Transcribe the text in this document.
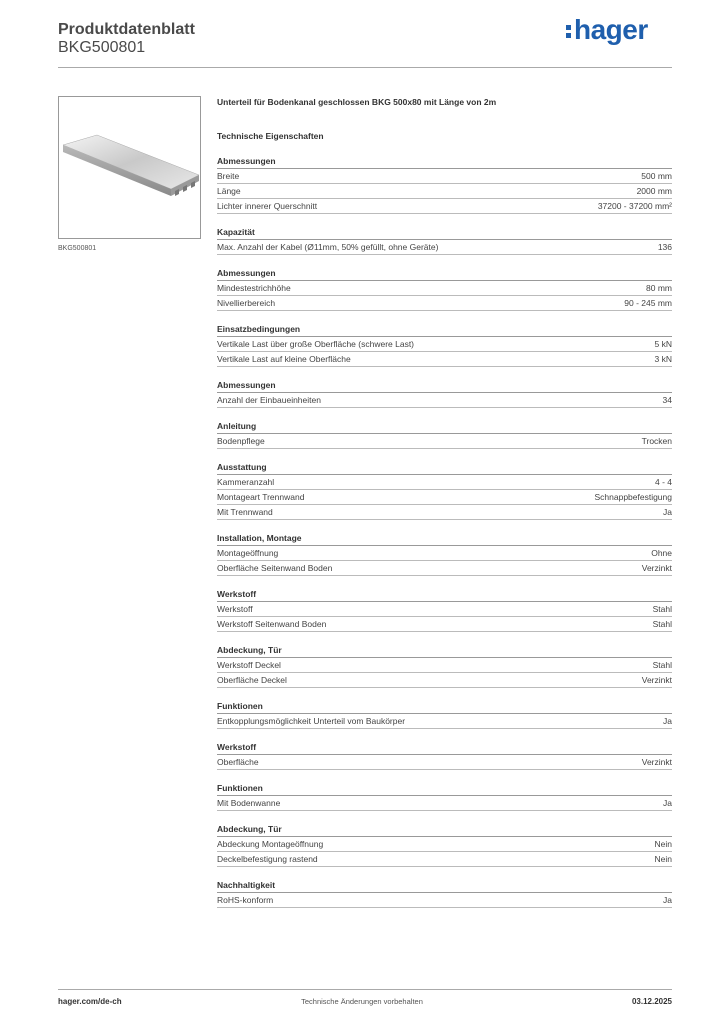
Produktdatenblatt
BKG500801
hager
BKG500801
Unterteil für Bodenkanal geschlossen BKG 500x80 mit Länge von 2m
Technische Eigenschaften
Abmessungen
Breite	500 mm
Länge	2000 mm
Lichter innerer Querschnitt	37200 - 37200 mm²
Kapazität
Max. Anzahl der Kabel (Ø11mm, 50% gefüllt, ohne Geräte)	136
Abmessungen
Mindestestrichhöhe	80 mm
Nivellierbereich	90 - 245 mm
Einsatzbedingungen
Vertikale Last über große Oberfläche (schwere Last)	5 kN
Vertikale Last auf kleine Oberfläche	3 kN
Abmessungen
Anzahl der Einbaueinheiten	34
Anleitung
Bodenpflege	Trocken
Ausstattung
Kammeranzahl	4 - 4
Montageart Trennwand	Schnappbefestigung
Mit Trennwand	Ja
Installation, Montage
Montageöffnung	Ohne
Oberfläche Seitenwand Boden	Verzinkt
Werkstoff
Werkstoff	Stahl
Werkstoff Seitenwand Boden	Stahl
Abdeckung, Tür
Werkstoff Deckel	Stahl
Oberfläche Deckel	Verzinkt
Funktionen
Entkopplungsmöglichkeit Unterteil vom Baukörper	Ja
Werkstoff
Oberfläche	Verzinkt
Funktionen
Mit Bodenwanne	Ja
Abdeckung, Tür
Abdeckung Montageöffnung	Nein
Deckelbefestigung rastend	Nein
Nachhaltigkeit
RoHS-konform	Ja
hager.com/de-ch	Technische Änderungen vorbehalten	03.12.2025
